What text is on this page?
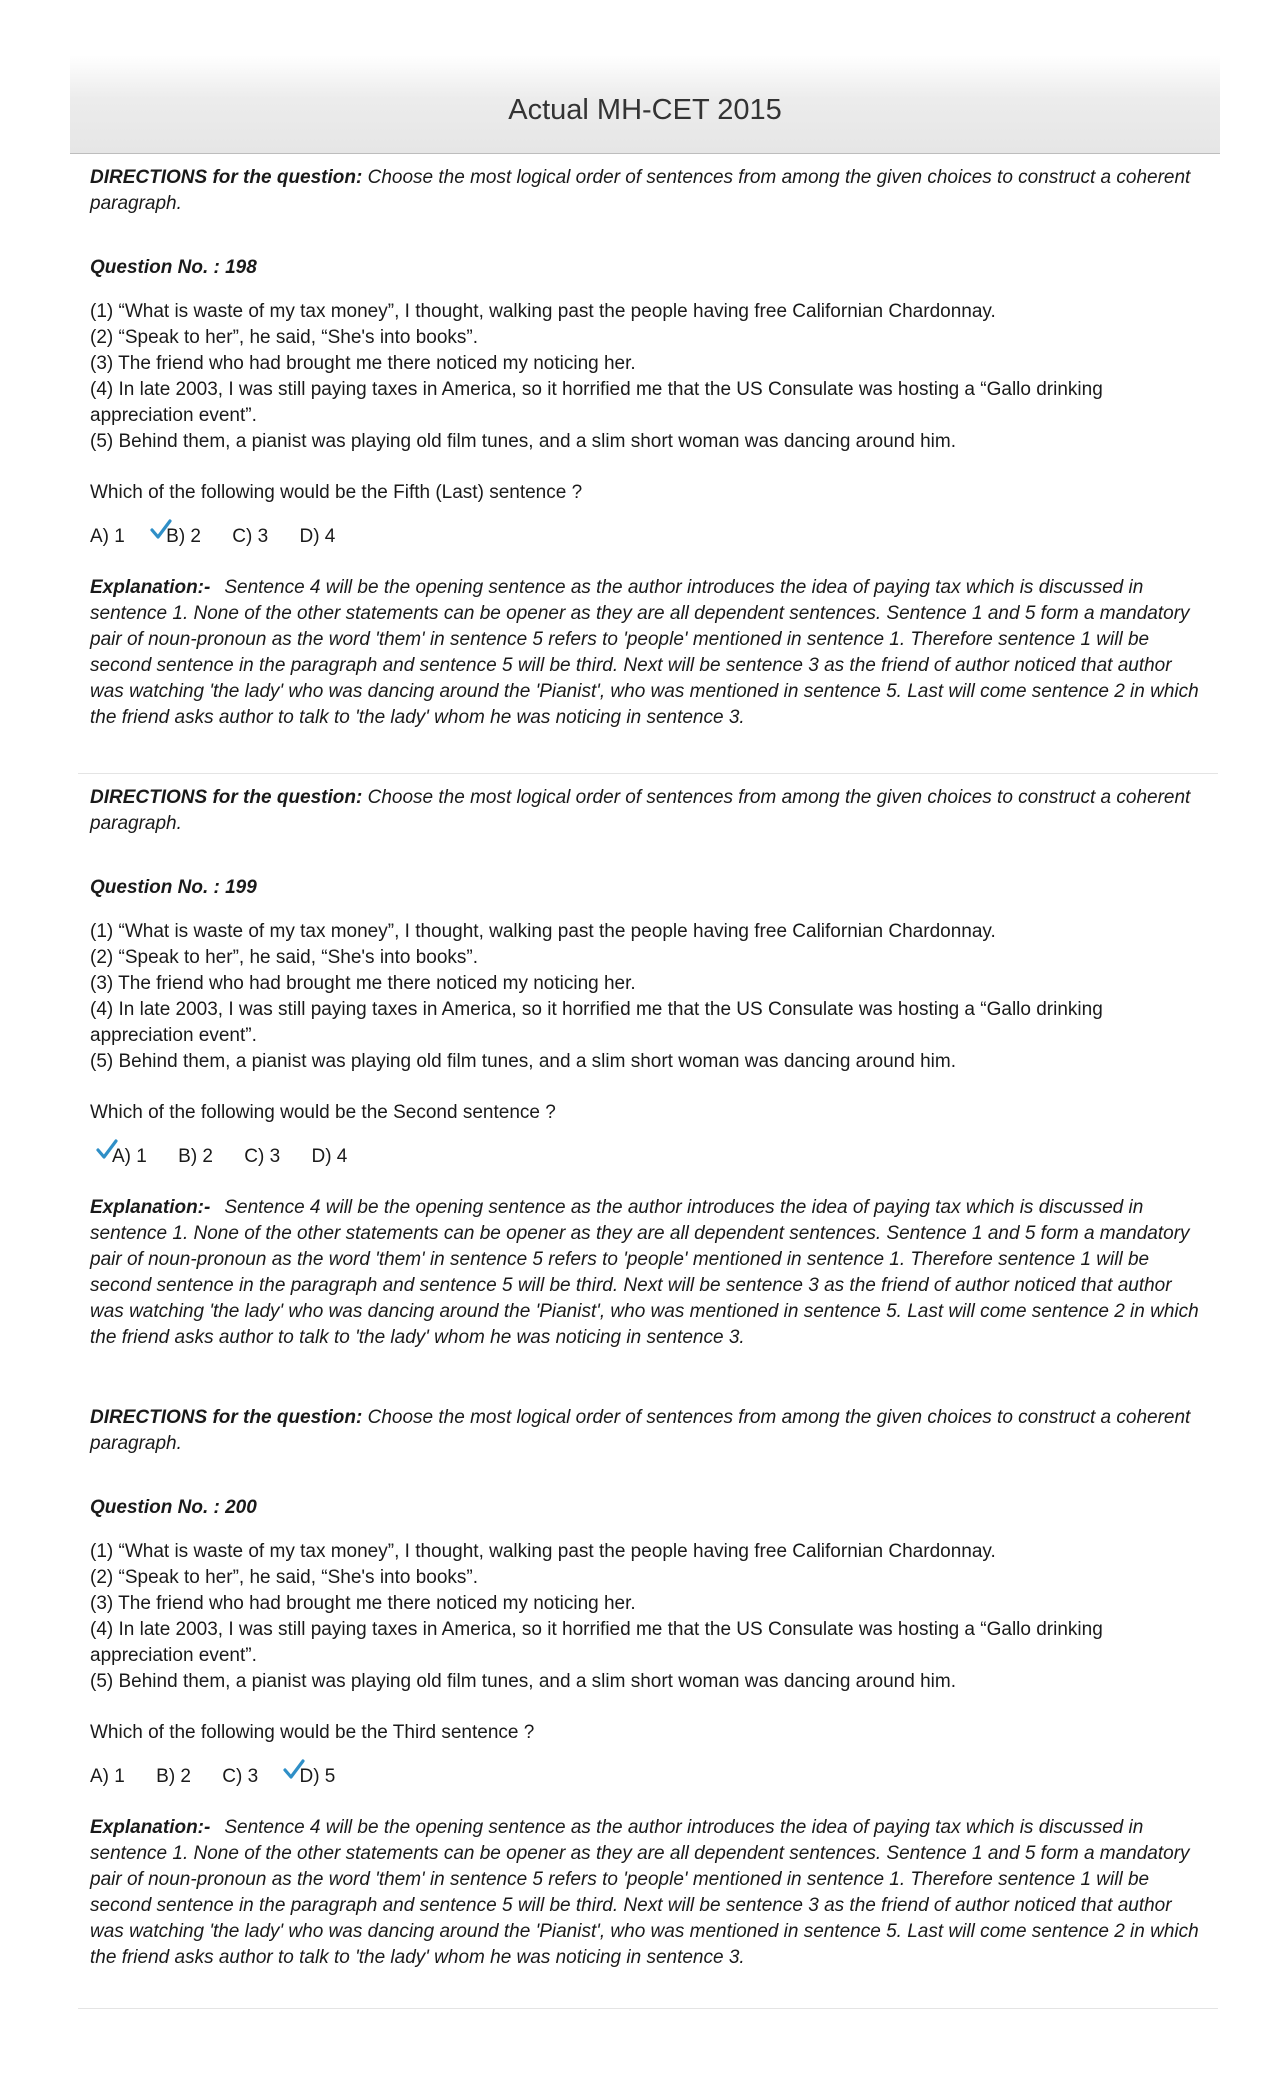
Actual MH-CET 2015
DIRECTIONS for the question: Choose the most logical order of sentences from among the given choices to construct a coherent paragraph.
Question No. : 198
(1) “What is waste of my tax money”, I thought, walking past the people having free Californian Chardonnay.
(2) “Speak to her”, he said, “She's into books”.
(3) The friend who had brought me there noticed my noticing her.
(4) In late 2003, I was still paying taxes in America, so it horrified me that the US Consulate was hosting a “Gallo drinking appreciation event”.
(5) Behind them, a pianist was playing old film tunes, and a slim short woman was dancing around him.
Which of the following would be the Fifth (Last) sentence ?
A) 1 B) 2 C) 3 D) 4
Explanation:- Sentence 4 will be the opening sentence as the author introduces the idea of paying tax which is discussed in sentence 1. None of the other statements can be opener as they are all dependent sentences. Sentence 1 and 5 form a mandatory pair of noun-pronoun as the word 'them' in sentence 5 refers to 'people' mentioned in sentence 1. Therefore sentence 1 will be second sentence in the paragraph and sentence 5 will be third. Next will be sentence 3 as the friend of author noticed that author was watching 'the lady' who was dancing around the 'Pianist', who was mentioned in sentence 5. Last will come sentence 2 in which the friend asks author to talk to 'the lady' whom he was noticing in sentence 3.
DIRECTIONS for the question: Choose the most logical order of sentences from among the given choices to construct a coherent paragraph.
Question No. : 199
(1) “What is waste of my tax money”, I thought, walking past the people having free Californian Chardonnay.
(2) “Speak to her”, he said, “She's into books”.
(3) The friend who had brought me there noticed my noticing her.
(4) In late 2003, I was still paying taxes in America, so it horrified me that the US Consulate was hosting a “Gallo drinking appreciation event”.
(5) Behind them, a pianist was playing old film tunes, and a slim short woman was dancing around him.
Which of the following would be the Second sentence ?
A) 1 B) 2 C) 3 D) 4
Explanation:- Sentence 4 will be the opening sentence as the author introduces the idea of paying tax which is discussed in sentence 1. None of the other statements can be opener as they are all dependent sentences. Sentence 1 and 5 form a mandatory pair of noun-pronoun as the word 'them' in sentence 5 refers to 'people' mentioned in sentence 1. Therefore sentence 1 will be second sentence in the paragraph and sentence 5 will be third. Next will be sentence 3 as the friend of author noticed that author was watching 'the lady' who was dancing around the 'Pianist', who was mentioned in sentence 5. Last will come sentence 2 in which the friend asks author to talk to 'the lady' whom he was noticing in sentence 3.
DIRECTIONS for the question: Choose the most logical order of sentences from among the given choices to construct a coherent paragraph.
Question No. : 200
(1) “What is waste of my tax money”, I thought, walking past the people having free Californian Chardonnay.
(2) “Speak to her”, he said, “She's into books”.
(3) The friend who had brought me there noticed my noticing her.
(4) In late 2003, I was still paying taxes in America, so it horrified me that the US Consulate was hosting a “Gallo drinking appreciation event”.
(5) Behind them, a pianist was playing old film tunes, and a slim short woman was dancing around him.
Which of the following would be the Third sentence ?
A) 1 B) 2 C) 3 D) 5
Explanation:- Sentence 4 will be the opening sentence as the author introduces the idea of paying tax which is discussed in sentence 1. None of the other statements can be opener as they are all dependent sentences. Sentence 1 and 5 form a mandatory pair of noun-pronoun as the word 'them' in sentence 5 refers to 'people' mentioned in sentence 1. Therefore sentence 1 will be second sentence in the paragraph and sentence 5 will be third. Next will be sentence 3 as the friend of author noticed that author was watching 'the lady' who was dancing around the 'Pianist', who was mentioned in sentence 5. Last will come sentence 2 in which the friend asks author to talk to 'the lady' whom he was noticing in sentence 3.
